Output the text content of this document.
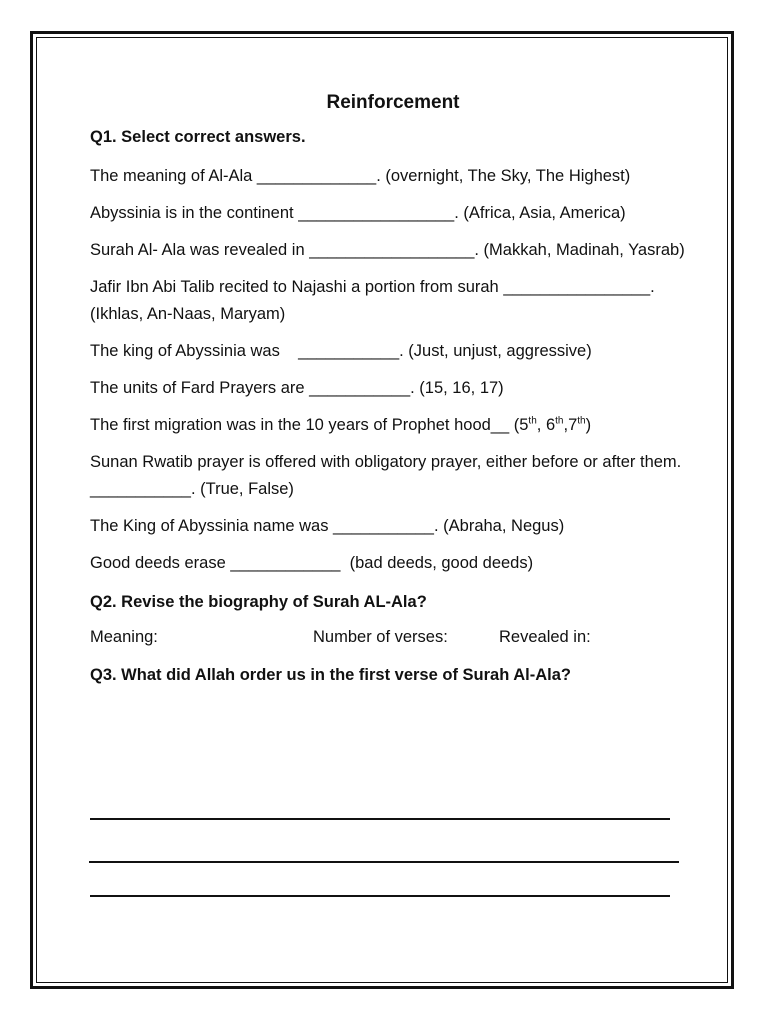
Reinforcement
Q1. Select correct answers.
The meaning of Al-Ala _____________. (overnight, The Sky, The Highest)
Abyssinia is in the continent _________________. (Africa, Asia, America)
Surah Al- Ala was revealed in __________________. (Makkah, Madinah, Yasrab)
Jafir Ibn Abi Talib recited to Najashi a portion from surah ________________. (Ikhlas, An-Naas, Maryam)
The king of Abyssinia was    ___________. (Just, unjust, aggressive)
The units of Fard Prayers are ___________. (15, 16, 17)
The first migration was in the 10 years of Prophet hood__ (5th, 6th,7th)
Sunan Rwatib prayer is offered with obligatory prayer, either before or after them. ___________. (True, False)
The King of Abyssinia name was ___________. (Abraha, Negus)
Good deeds erase ____________  (bad deeds, good deeds)
Q2. Revise the biography of Surah AL-Ala?
Meaning:	Number of verses:	Revealed in:
Q3. What did Allah order us in the first verse of Surah Al-Ala?
